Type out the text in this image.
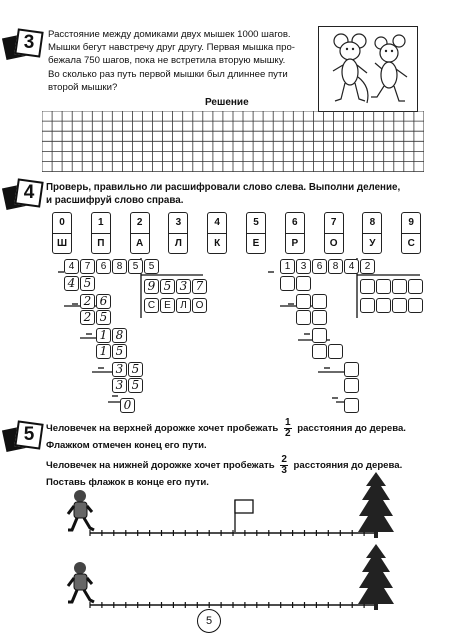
3	Расстояние между домиками двух мышек 1000 шагов.
Мышки бегут навстречу друг другу. Первая мышка про-
бежала 750 шагов, пока не встретила вторую мышку.
Во сколько раз путь первой мышки был длиннее пути
второй мышки?
Решение
4	Проверь, правильно ли расшифровали слово слева. Выполни деление,
и расшифруй слово справа.
0
Ш
1
П
2
А
3
Л
4
К
5
Е
6
Р
7
О
8
У
9
С
4	7	6	8	5	5
9 5 3 7
С Е Л О
4 5
2 6
2 5
1 8
1 5
3 5
3 5
0
1	3	6	8	4	2
5	Человечек на верхней дорожке хочет пробежать $\frac{1}{2}$ расстояния до дерева.
Флажком отмечен конец его пути.
Человечек на нижней дорожке хочет пробежать $\frac{2}{3}$ расстояния до дерева.
Поставь флажок в конце его пути.
5
